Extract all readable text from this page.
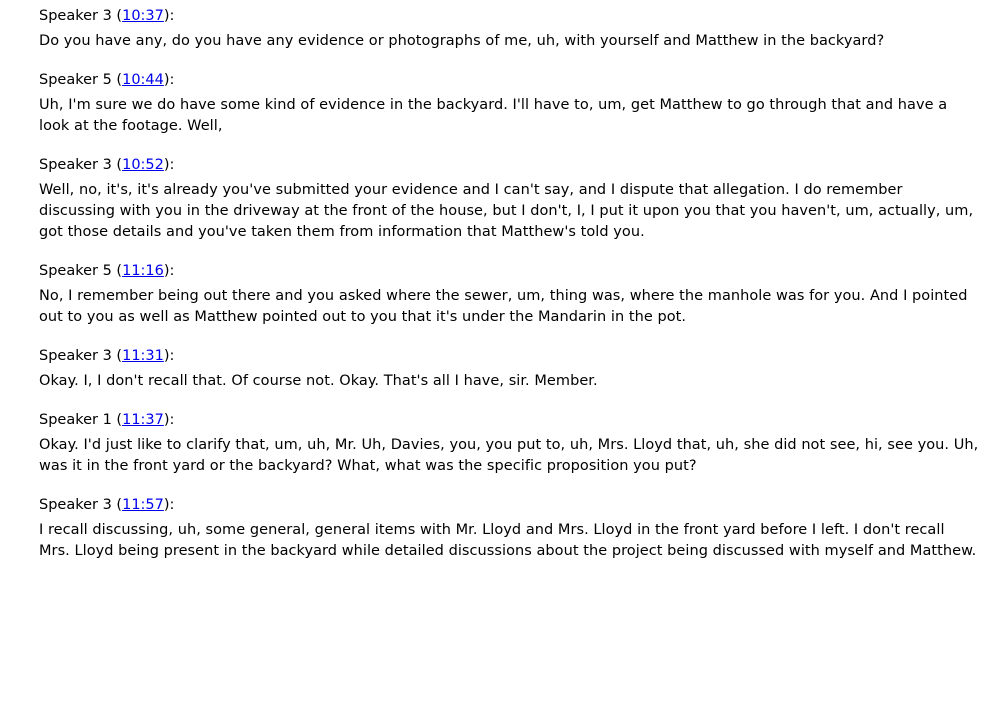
Speaker 3 (10:37):
Do you have any, do you have any evidence or photographs of me, uh, with yourself and Matthew in the backyard?
Speaker 5 (10:44):
Uh, I'm sure we do have some kind of evidence in the backyard. I'll have to, um, get Matthew to go through that and have a look at the footage. Well,
Speaker 3 (10:52):
Well, no, it's, it's already you've submitted your evidence and I can't say, and I dispute that allegation. I do remember discussing with you in the driveway at the front of the house, but I don't, I, I put it upon you that you haven't, um, actually, um, got those details and you've taken them from information that Matthew's told you.
Speaker 5 (11:16):
No, I remember being out there and you asked where the sewer, um, thing was, where the manhole was for you. And I pointed out to you as well as Matthew pointed out to you that it's under the Mandarin in the pot.
Speaker 3 (11:31):
Okay. I, I don't recall that. Of course not. Okay. That's all I have, sir. Member.
Speaker 1 (11:37):
Okay. I'd just like to clarify that, um, uh, Mr. Uh, Davies, you, you put to, uh, Mrs. Lloyd that, uh, she did not see, hi, see you. Uh, was it in the front yard or the backyard? What, what was the specific proposition you put?
Speaker 3 (11:57):
I recall discussing, uh, some general, general items with Mr. Lloyd and Mrs. Lloyd in the front yard before I left. I don't recall Mrs. Lloyd being present in the backyard while detailed discussions about the project being discussed with myself and Matthew.
